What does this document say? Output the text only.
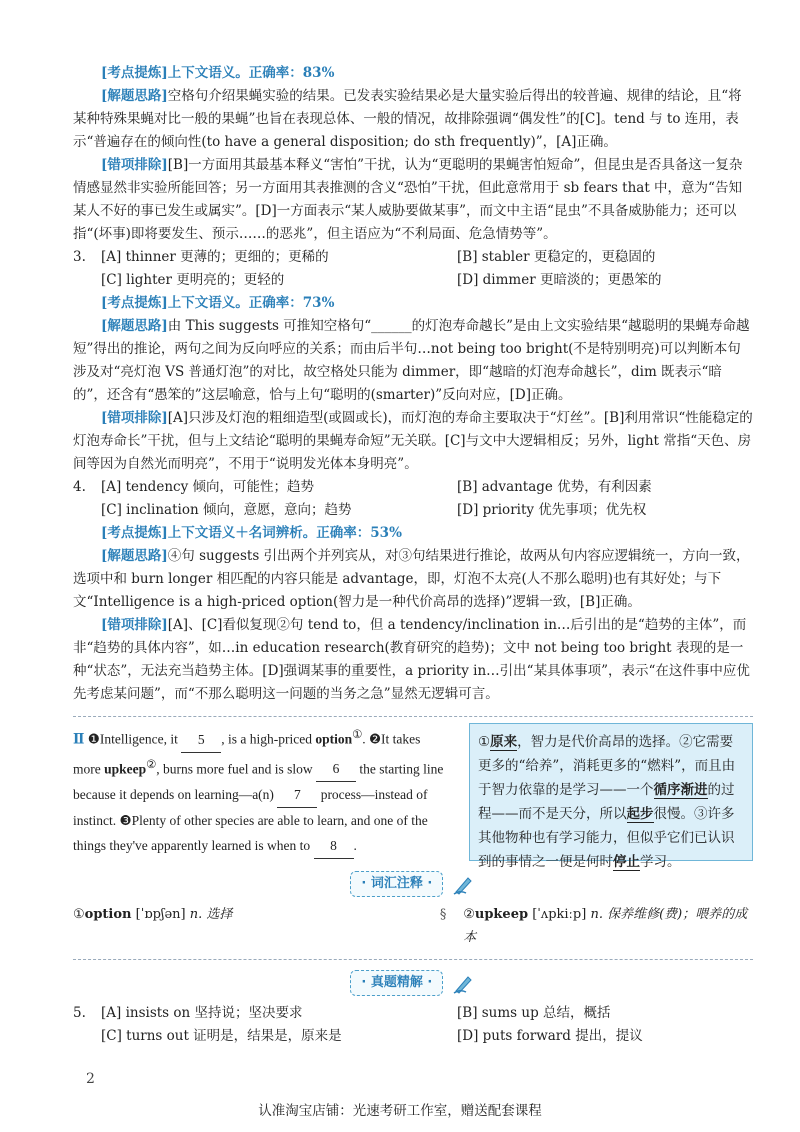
[考点提炼]上下文语义。正确率：83%

[解题思路]空格句介绍果蝇实验的结果。已发表实验结果必是大量实验后得出的较普遍、规律的结论，且“将某种特殊果蝇对比一般的果蝇”也旨在表现总体、一般的情况，故排除强调“偶发性”的[C]。tend 与 to 连用，表示“普遍存在的倾向性(to have a general disposition; do sth frequently)”，[A]正确。

[错项排除][B]一方面用其最基本释义“害怕”干扰，认为“更聪明的果蝇害怕短命”，但昆虫是否具备这一复杂情感显然非实验所能回答；另一方面用其表推测的含义“恐怕”干扰，但此意常用于 sb fears that 中，意为“告知某人不好的事已发生或属实”。[D]一方面表示“某人威胁要做某事”，而文中主语“昆虫”不具备威胁能力；还可以指“(坏事)即将要发生、预示……的恶兆”，但主语应为“不利局面、危急情势等”。

3.	[A] thinner 更薄的；更细的；更稀的	[B] stabler 更稳定的，更稳固的
[C] lighter 更明亮的；更轻的	[D] dimmer 更暗淡的；更愚笨的

[考点提炼]上下文语义。正确率：73%

[解题思路]由 This suggests 可推知空格句“______的灯泡寿命越长”是由上文实验结果“越聪明的果蝇寿命越短”得出的推论，两句之间为反向呼应的关系；而由后半句…not being too bright(不是特别明亮)可以判断本句涉及对“亮灯泡 VS 普通灯泡”的对比，故空格处只能为 dimmer，即“越暗的灯泡寿命越长”，dim 既表示“暗的”，还含有“愚笨的”这层喻意，恰与上句“聪明的(smarter)”反向对应，[D]正确。

[错项排除][A]只涉及灯泡的粗细造型(或圆或长)，而灯泡的寿命主要取决于“灯丝”。[B]利用常识“性能稳定的灯泡寿命长”干扰，但与上文结论“聪明的果蝇寿命短”无关联。[C]与文中大逻辑相反；另外，light 常指“天色、房间等因为自然光而明亮”，不用于“说明发光体本身明亮”。

4.	[A] tendency 倾向，可能性；趋势	[B] advantage 优势，有利因素
[C] inclination 倾向，意愿，意向；趋势	[D] priority 优先事项；优先权

[考点提炼]上下文语义＋名词辨析。正确率：53%

[解题思路]④句 suggests 引出两个并列宾从，对③句结果进行推论，故两从句内容应逻辑统一，方向一致，选项中和 burn longer 相匹配的内容只能是 advantage，即，灯泡不太亮(人不那么聪明)也有其好处；与下文“Intelligence is a high-priced option(智力是一种代价高昂的选择)”逻辑一致，[B]正确。

[错项排除][A]、[C]看似复现②句 tend to，但 a tendency/inclination in…后引出的是“趋势的主体”，而非“趋势的具体内容”，如…in education research(教育研究的趋势)；文中 not being too bright 表现的是一种“状态”，无法充当趋势主体。[D]强调某事的重要性，a priority in…引出“某具体事项”，表示“在这件事中应优先考虑某问题”，而“不那么聪明这一问题的当务之急”显然无逻辑可言。

Ⅱ ❶Intelligence, it 5 , is a high-priced option①. ❷It takes more upkeep②, burns more fuel and is slow 6 the starting line because it depends on learning—a(n) 7 process—instead of instinct. ❸Plenty of other species are able to learn, and one of the things they've apparently learned is when to 8 .
①原来，智力是代价高昂的选择。②它需要更多的“给养”，消耗更多的“燃料”，而且由于智力依靠的是学习——一个循序渐进的过程——而不是天分，所以起步很慢。③许多其他物种也有学习能力，但似乎它们已认识到的事情之一便是何时停止学习。
· 词汇注释 ·
①option [ˈɒpʃən] n. 选择	§	②upkeep [ˈʌpkiːp] n. 保养维修(费)；喂养的成本
· 真题精解 ·
5.	[A] insists on 坚持说；坚决要求	[B] sums up 总结，概括
[C] turns out 证明是，结果是，原来是	[D] puts forward 提出，提议
2
认准淘宝店铺：光速考研工作室，赠送配套课程
